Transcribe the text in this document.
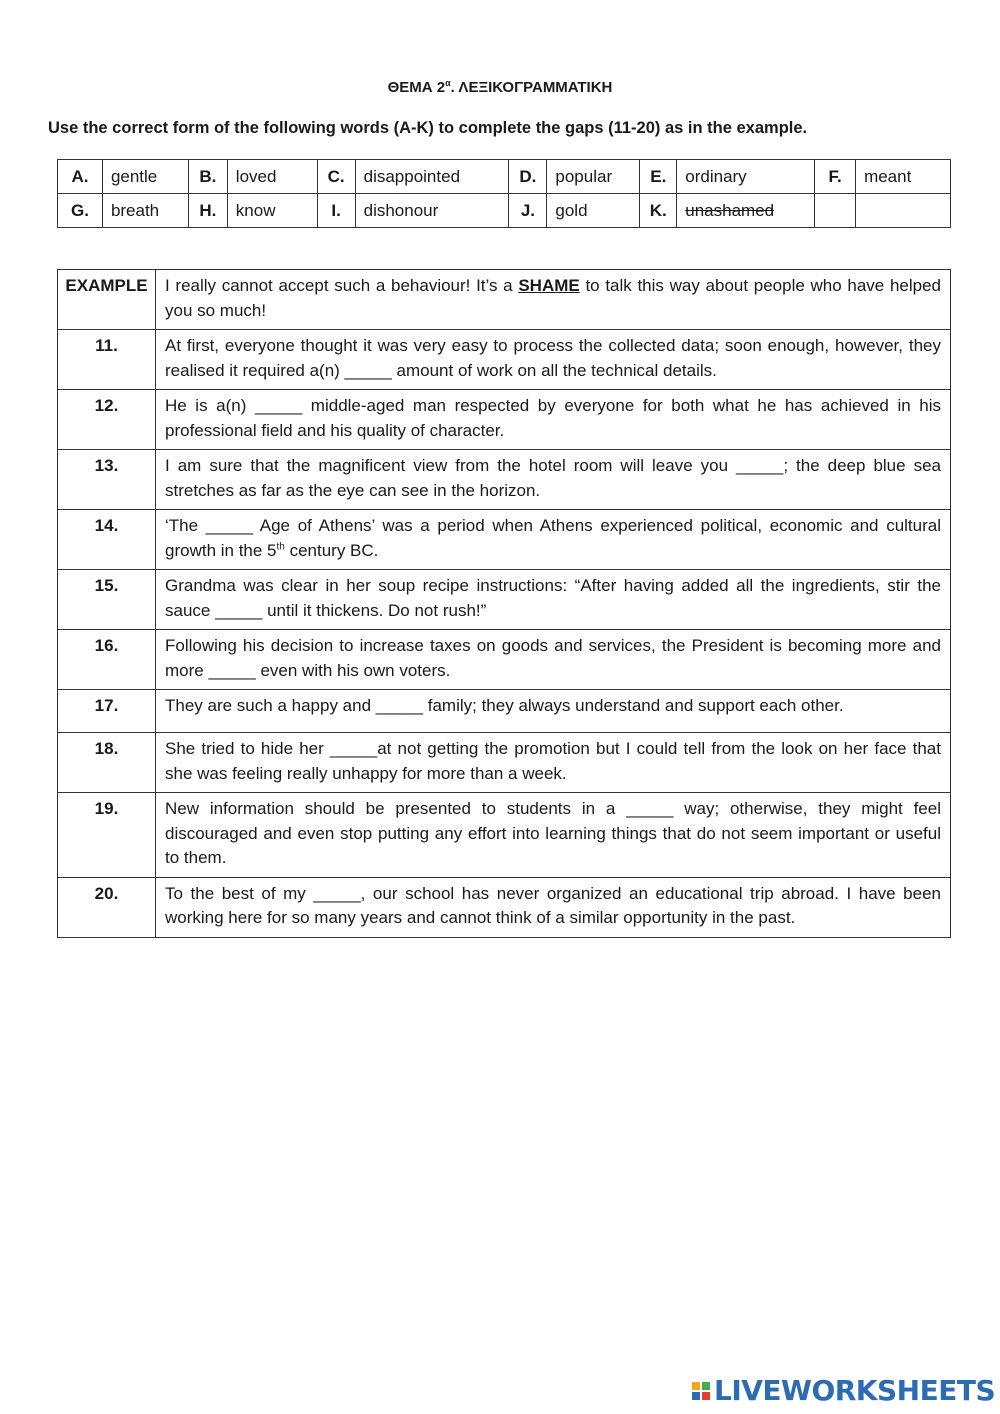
ΘΕΜΑ $2^\alpha$. ΛΕΞΙΚΟΓΡΑΜΜΑΤΙΚΗ
Use the correct form of the following words (A-K) to complete the gaps (11-20) as in the example.
A.	gentle	B.	loved	C.	disappointed	D.	popular	E.	ordinary	F.	meant
G.	breath	H.	know	I.	dishonour	J.	gold	K.	unashamed		
EXAMPLE	I really cannot accept such a behaviour! It’s a SHAME to talk this way about people who have helped you so much!
11.	At first, everyone thought it was very easy to process the collected data; soon enough, however, they realised it required a(n) _____ amount of work on all the technical details.
12.	He is a(n) _____ middle-aged man respected by everyone for both what he has achieved in his professional field and his quality of character.
13.	I am sure that the magnificent view from the hotel room will leave you _____; the deep blue sea stretches as far as the eye can see in the horizon.
14.	‘The _____ Age of Athens’ was a period when Athens experienced political, economic and cultural growth in the 5th century BC.
15.	Grandma was clear in her soup recipe instructions: “After having added all the ingredients, stir the sauce _____ until it thickens. Do not rush!”
16.	Following his decision to increase taxes on goods and services, the President is becoming more and more _____ even with his own voters.
17.	They are such a happy and _____ family; they always understand and support each other.
18.	She tried to hide her _____at not getting the promotion but I could tell from the look on her face that she was feeling really unhappy for more than a week.
19.	New information should be presented to students in a _____ way; otherwise, they might feel discouraged and even stop putting any effort into learning things that do not seem important or useful to them.
20.	To the best of my _____, our school has never organized an educational trip abroad. I have been working here for so many years and cannot think of a similar opportunity in the past.
LIVEWORKSHEETS
